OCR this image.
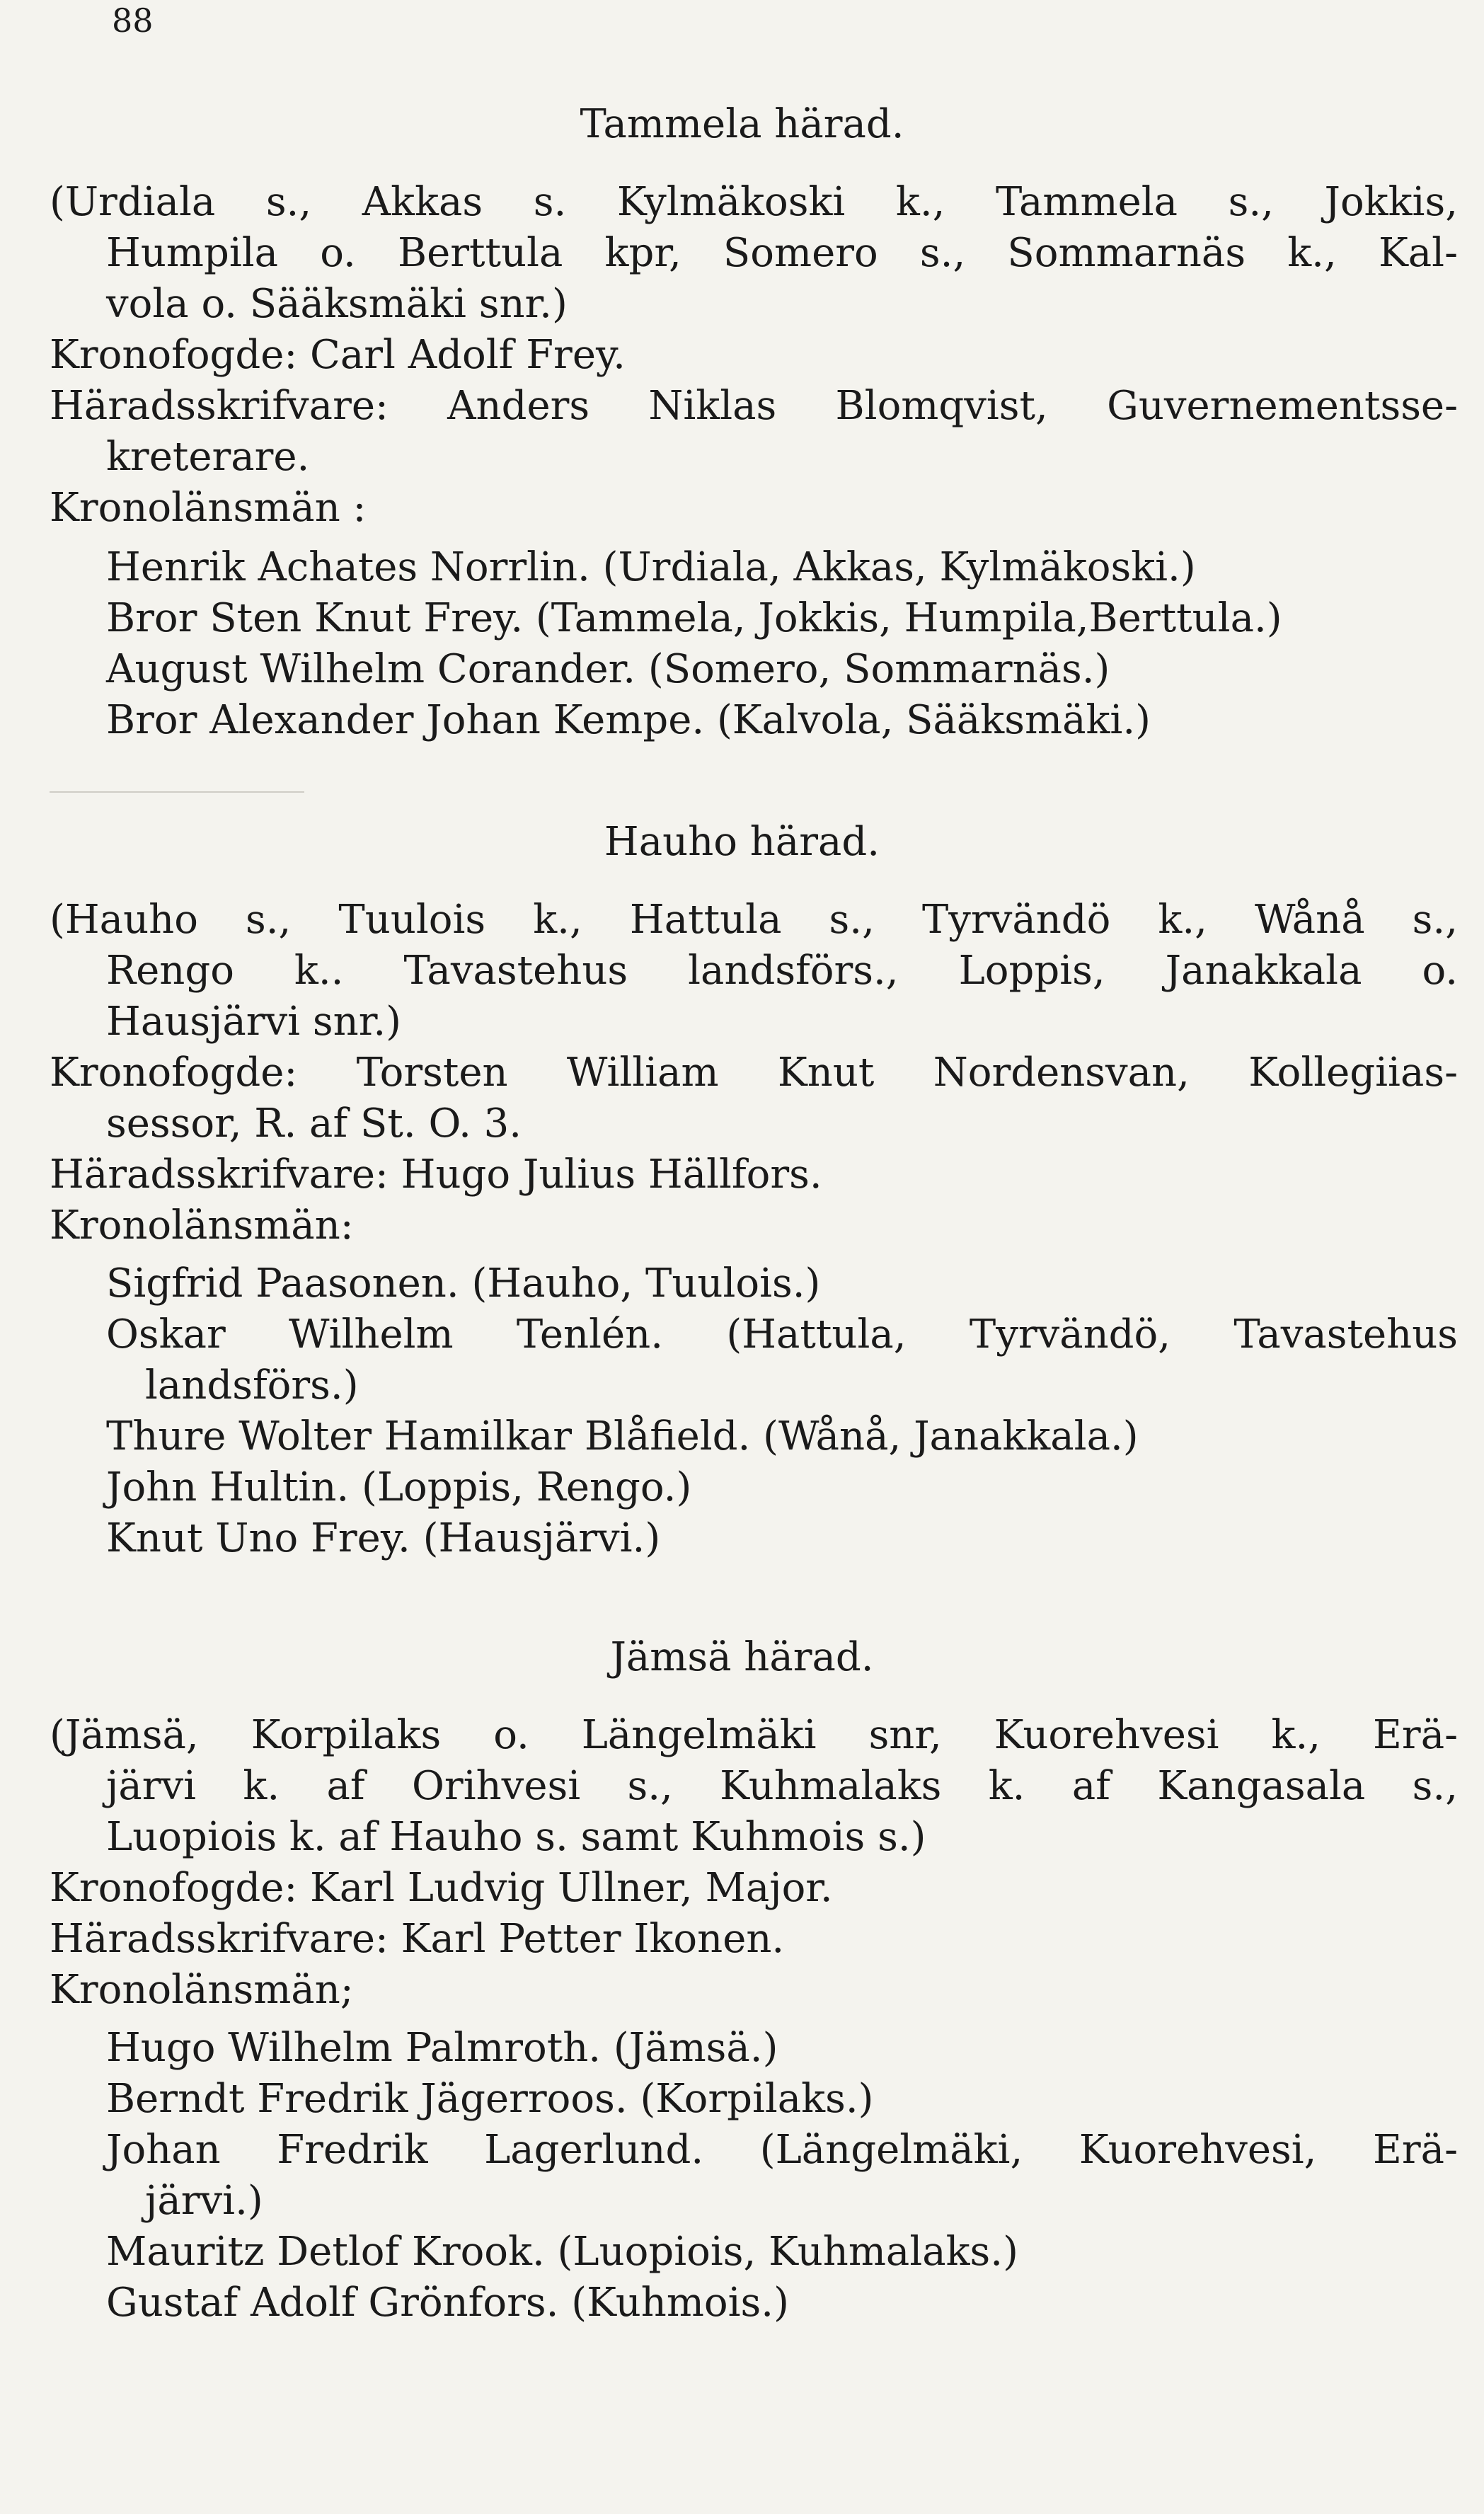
88
Tammela härad.
(Urdiala s., Akkas s. Kylmäkoski k., Tammela s., Jokkis,
Humpila o. Berttula kpr, Somero s., Sommarnäs k., Kal-
vola o. Sääksmäki snr.)
Kronofogde: Carl Adolf Frey.
Häradsskrifvare: Anders Niklas Blomqvist, Guvernementsse-
kreterare.
Kronolänsmän :
Henrik Achates Norrlin. (Urdiala, Akkas, Kylmäkoski.)
Bror Sten Knut Frey. (Tammela, Jokkis, Humpila,Berttula.)
August Wilhelm Corander. (Somero, Sommarnäs.)
Bror Alexander Johan Kempe. (Kalvola, Sääksmäki.)
Hauho härad.
(Hauho s., Tuulois k., Hattula s., Tyrvändö k., Wånå s.,
Rengo k.. Tavastehus landsförs., Loppis, Janakkala o.
Hausjärvi snr.)
Kronofogde: Torsten William Knut Nordensvan, Kollegiias-
sessor, R. af St. O. 3.
Häradsskrifvare: Hugo Julius Hällfors.
Kronolänsmän:
Sigfrid Paasonen. (Hauho, Tuulois.)
Oskar Wilhelm Tenlén. (Hattula, Tyrvändö, Tavastehus
landsförs.)
Thure Wolter Hamilkar Blåfield. (Wånå, Janakkala.)
John Hultin. (Loppis, Rengo.)
Knut Uno Frey. (Hausjärvi.)
Jämsä härad.
(Jämsä, Korpilaks o. Längelmäki snr, Kuorehvesi k., Erä-
järvi k. af Orihvesi s., Kuhmalaks k. af Kangasala s.,
Luopiois k. af Hauho s. samt Kuhmois s.)
Kronofogde: Karl Ludvig Ullner, Major.
Häradsskrifvare: Karl Petter Ikonen.
Kronolänsmän;
Hugo Wilhelm Palmroth. (Jämsä.)
Berndt Fredrik Jägerroos. (Korpilaks.)
Johan Fredrik Lagerlund. (Längelmäki, Kuorehvesi, Erä-
järvi.)
Mauritz Detlof Krook. (Luopiois, Kuhmalaks.)
Gustaf Adolf Grönfors. (Kuhmois.)
